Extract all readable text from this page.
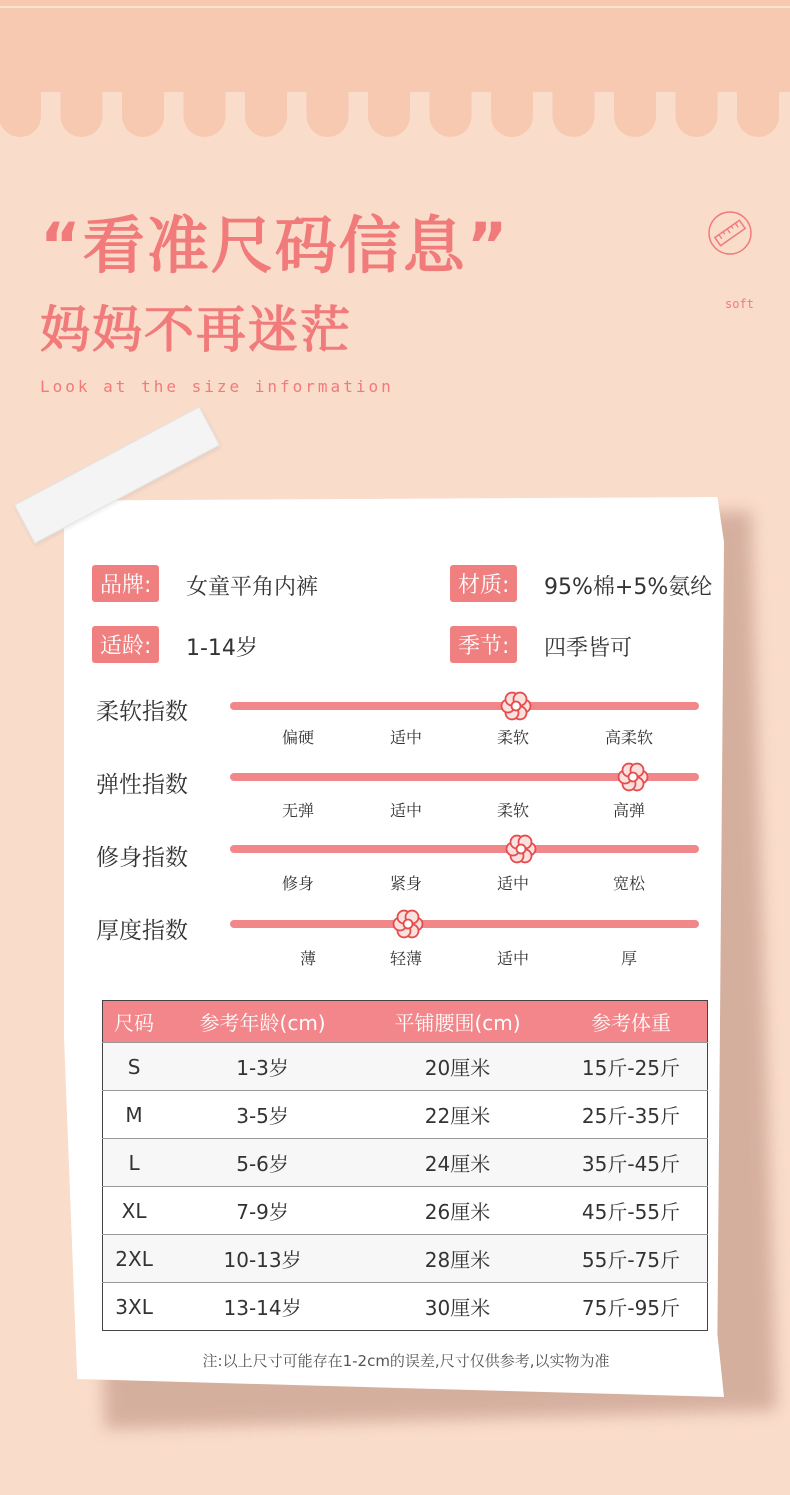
“看准尺码信息”
妈妈不再迷茫
Look at the size information
soft
品牌:	女童平角内裤	材质:	95%棉+5%氨纶
适龄:	1-14岁	季节:	四季皆可
柔软指数
偏硬	适中	柔软	高柔软
弹性指数
无弹	适中	柔软	高弹
修身指数
修身	紧身	适中	宽松
厚度指数
薄	轻薄	适中	厚
尺码	参考年龄(cm)	平铺腰围(cm)	参考体重
S	1-3岁	20厘米	15斤-25斤
M	3-5岁	22厘米	25斤-35斤
L	5-6岁	24厘米	35斤-45斤
XL	7-9岁	26厘米	45斤-55斤
2XL	10-13岁	28厘米	55斤-75斤
3XL	13-14岁	30厘米	75斤-95斤
注:以上尺寸可能存在1-2cm的误差,尺寸仅供参考,以实物为准
